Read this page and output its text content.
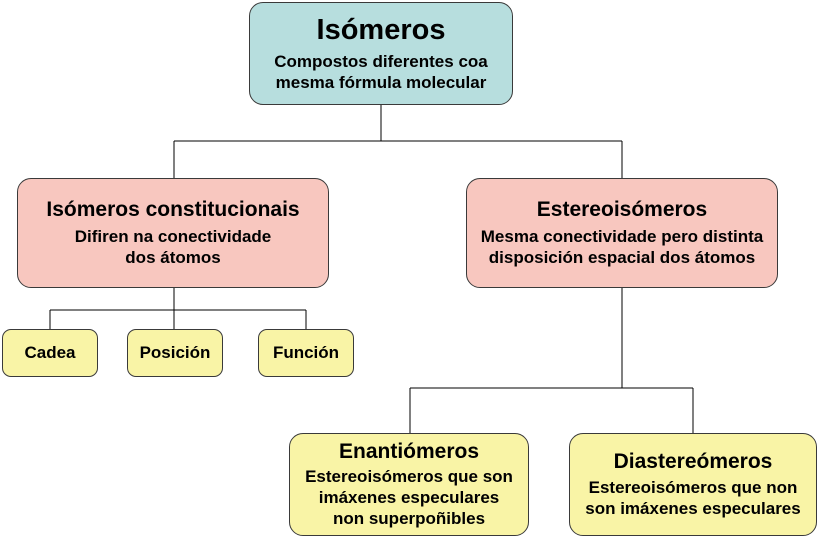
Isómeros
Compostos diferentes coa
mesma fórmula molecular
Isómeros constitucionais
Difiren na conectividade
dos átomos
Estereoisómeros
Mesma conectividade pero distinta
disposición espacial dos átomos
Cadea	Posición	Función
Enantiómeros
Estereoisómeros que son
imáxenes especulares
non superpoñibles
Diastereómeros
Estereoisómeros que non
son imáxenes especulares
